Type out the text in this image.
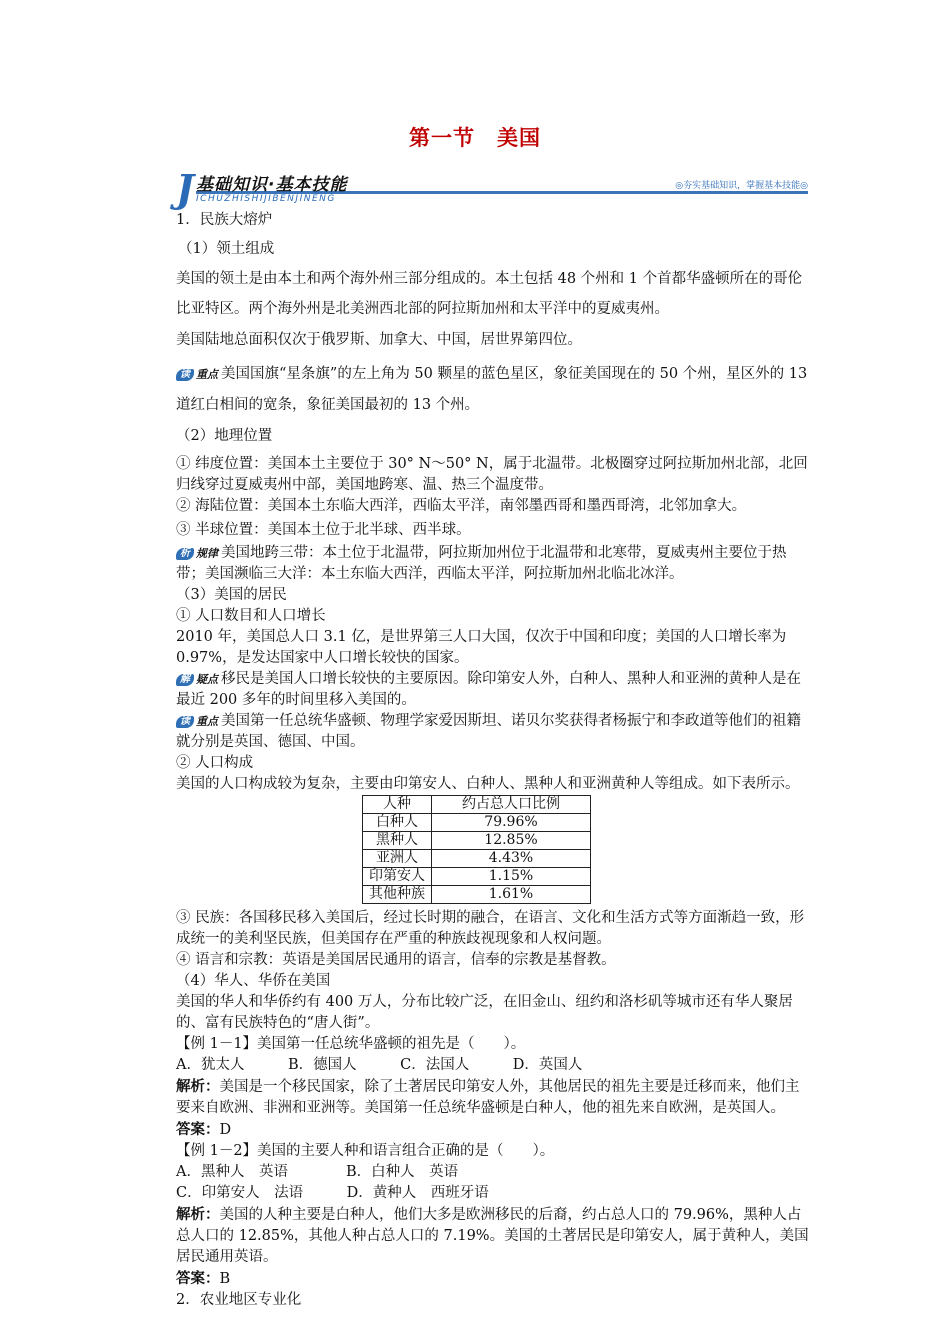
第一节　美国
J 基础知识·基本技能
ICHUZHISHIJIBENJINENG
◎夯实基础知识，掌握基本技能◎

1．民族大熔炉

（1）领土组成

美国的领土是由本土和两个海外州三部分组成的。本土包括 48 个州和 1 个首都华盛顿所在的哥伦比亚特区。两个海外州是北美洲西北部的阿拉斯加州和太平洋中的夏威夷州。

美国陆地总面积仅次于俄罗斯、加拿大、中国，居世界第四位。

读 重点 美国国旗“星条旗”的左上角为 50 颗星的蓝色星区，象征美国现在的 50 个州，星区外的 13 道红白相间的宽条，象征美国最初的 13 个州。

（2）地理位置

① 纬度位置：美国本土主要位于 30° N～50° N，属于北温带。北极圈穿过阿拉斯加州北部，北回归线穿过夏威夷州中部，美国地跨寒、温、热三个温度带。

② 海陆位置：美国本土东临大西洋，西临太平洋，南邻墨西哥和墨西哥湾，北邻加拿大。

③ 半球位置：美国本土位于北半球、西半球。

析 规律 美国地跨三带：本土位于北温带，阿拉斯加州位于北温带和北寒带，夏威夷州主要位于热带；美国濒临三大洋：本土东临大西洋，西临太平洋，阿拉斯加州北临北冰洋。

（3）美国的居民

① 人口数目和人口增长

2010 年，美国总人口 3.1 亿，是世界第三人口大国，仅次于中国和印度；美国的人口增长率为 0.97%，是发达国家中人口增长较快的国家。

解 疑点 移民是美国人口增长较快的主要原因。除印第安人外，白种人、黑种人和亚洲的黄种人是在最近 200 多年的时间里移入美国的。

读 重点 美国第一任总统华盛顿、物理学家爱因斯坦、诺贝尔奖获得者杨振宁和李政道等他们的祖籍就分别是英国、德国、中国。

② 人口构成

美国的人口构成较为复杂，主要由印第安人、白种人、黑种人和亚洲黄种人等组成。如下表所示。

人种	约占总人口比例
白种人	79.96%
黑种人	12.85%
亚洲人	4.43%
印第安人	1.15%
其他种族	1.61%

③ 民族：各国移民移入美国后，经过长时期的融合，在语言、文化和生活方式等方面渐趋一致，形成统一的美利坚民族，但美国存在严重的种族歧视现象和人权问题。

④ 语言和宗教：英语是美国居民通用的语言，信奉的宗教是基督教。

（4）华人、华侨在美国

美国的华人和华侨约有 400 万人，分布比较广泛，在旧金山、纽约和洛杉矶等城市还有华人聚居的、富有民族特色的“唐人街”。

【例 1－1】美国第一任总统华盛顿的祖先是（　　）。

A．犹太人　　　B．德国人　　　C．法国人　　　D．英国人

解析：美国是一个移民国家，除了土著居民印第安人外，其他居民的祖先主要是迁移而来，他们主要来自欧洲、非洲和亚洲等。美国第一任总统华盛顿是白种人，他的祖先来自欧洲，是英国人。

答案：D

【例 1－2】美国的主要人种和语言组合正确的是（　　）。

A．黑种人　英语　　　　B．白种人　英语

C．印第安人　法语　　　D．黄种人　西班牙语

解析：美国的人种主要是白种人，他们大多是欧洲移民的后裔，约占总人口的 79.96%，黑种人占总人口的 12.85%，其他人种占总人口的 7.19%。美国的土著居民是印第安人，属于黄种人，美国居民通用英语。

答案：B

2．农业地区专业化
